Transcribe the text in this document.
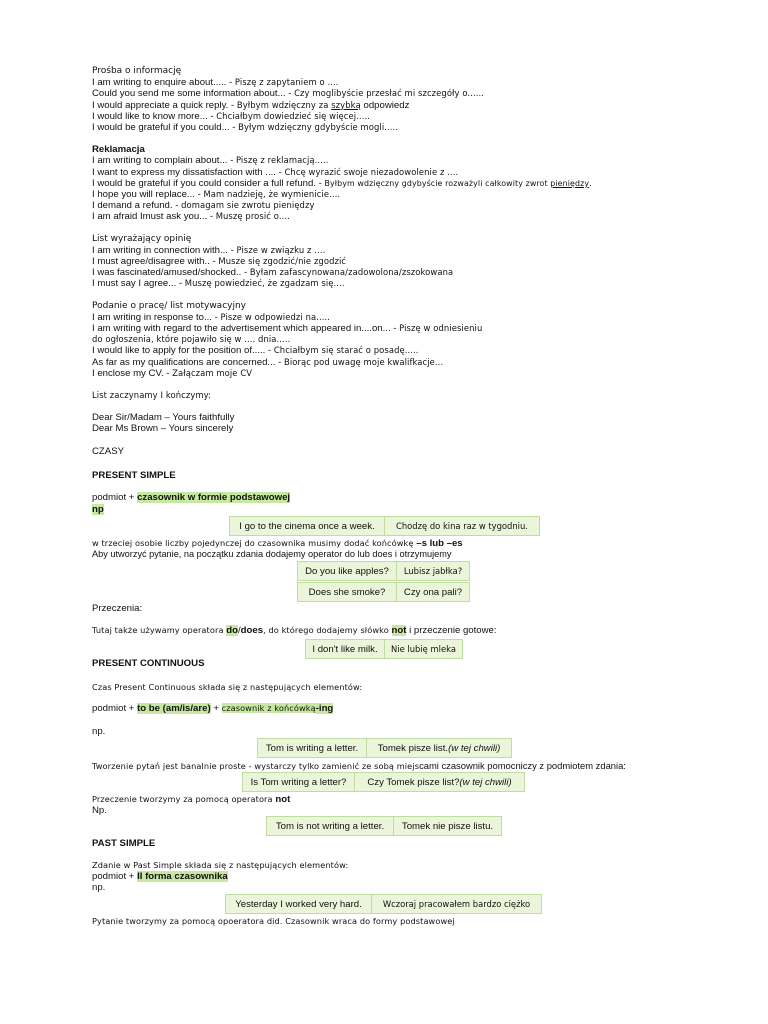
Prośba o informację
I am writing to enquire about..... - Piszę z zapytaniem o ....
Could you send me some information about... - Czy moglibyście przesłać mi szczegóły o......
I would appreciate a quick reply. - Byłbym wdzięczny za szybką odpowiedz
I would like to know more... - Chciałbym dowiedzieć się więcej.....
I would be grateful if you could... - Byłym wdzięczny gdybyście mogli.....
Reklamacja
I am writing to complain about... - Piszę z reklamacją.....
I want to express my dissatisfaction with .... - Chcę wyrazić swoje niezadowolenie z ....
I would be grateful if you could consider a full refund. - Byłbym wdzięczny gdybyście rozważyli całkowity zwrot pieniędzy.
I hope you will replace... - Mam nadzieję, że wymienicie....
I demand a refund. - domagam sie zwrotu pieniędzy
I am afraid Imust ask you... - Muszę prosić o....
List wyrażający opinię
I am writing in connection with... - Pisze w związku z ....
I must agree/disagree with.. - Musze się zgodzić/nie zgodzić
I was fascinated/amused/shocked.. - Byłam zafascynowana/zadowolona/zszokowana
I must say I agree... - Muszę powiedzieć, że zgadzam się....
Podanie o pracę/ list motywacyjny
I am writing in response to... - Pisze w odpowiedzi na.....
I am writing with regard to the advertisement which appeared in....on... - Piszę w odniesieniu
do ogłoszenia, które pojawiło się w .... dnia.....
I would like to apply for the position of..... - Chciałbym się starać o posadę.....
As far as my qualifications are concerned... - Biorąc pod uwagę moje kwalifkacje...
I enclose my CV. - Załączam moje CV
List zaczynamy I kończymy:
Dear Sir/Madam – Yours faithfully
Dear Ms Brown – Yours sincerely
CZASY
PRESENT SIMPLE
podmiot + czasownik w formie podstawowej
np
I go to the cinema once a week.	Chodzę do kina raz w tygodniu.
w trzeciej osobie liczby pojedynczej do czasownika musimy dodać końcówkę –s lub –es
Aby utworzyć pytanie, na początku zdania dodajemy operator do lub does i otrzymujemy
Do you like apples?	Lubisz jabłka?
Does she smoke?	Czy ona pali?
Przeczenia:
Tutaj także używamy operatora do/does, do którego dodajemy słówko not i przeczenie gotowe:
I don't like milk.	Nie lubię mleka
PRESENT CONTINUOUS
Czas Present Continuous składa się z następujących elementów:
podmiot + to be (am/is/are) + czasownik z końcówką-ing
np.
Tom is writing a letter.	Tomek pisze list. (w tej chwili)
Tworzenie pytań jest banalnie proste - wystarczy tylko zamienić ze sobą miejscami czasownik pomocniczy z podmiotem zdania:
Is Tom writing a letter?	Czy Tomek pisze list? (w tej chwili)
Przeczenie tworzymy za pomocą operatora not
Np.
Tom is not writing a letter.	Tomek nie pisze listu.
PAST SIMPLE
Zdanie w Past Simple składa się z następujących elementów:
podmiot + II forma czasownika
np.
Yesterday I worked very hard.	Wczoraj pracowałem bardzo ciężko
Pytanie tworzymy za pomocą opoeratora did. Czasownik wraca do formy podstawowej
